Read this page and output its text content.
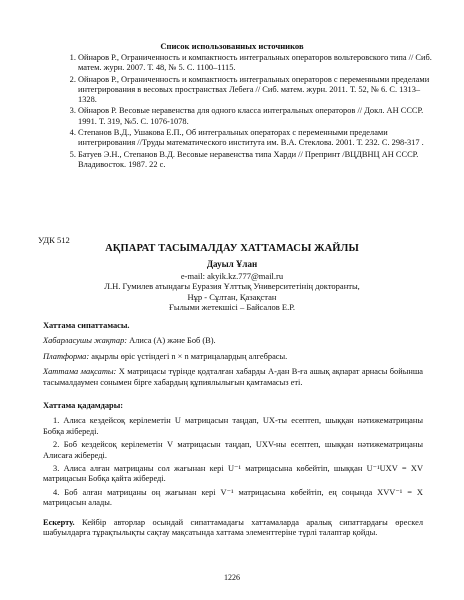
Список использованных источников
1. Ойнаров Р., Ограниченность и компактность интегральных операторов вольтеровского типа // Сиб. матем. журн. 2007. Т. 48, № 5. С. 1100–1115.
2. Ойнаров Р., Ограниченность и компактность интегральных операторов с переменными пределами интегрирования в весовых пространствах Лебега // Сиб. матем. журн. 2011. Т. 52, № 6. С. 1313–1328.
3. Ойнаров Р. Весовые неравенства для одного класса интегральных операторов // Докл. АН СССР. 1991. Т. 319, №5. С. 1076-1078.
4. Степанов В.Д., Ушакова Е.П., Об интегральных операторах с переменными пределами интегрирования //Труды математического института им. В.А. Стеклова. 2001. Т. 232. С. 298-317 .
5. Батуев Э.Н., Степанов В.Д. Весовые неравенства типа Харди // Препринт /ВЦДВНЦ АН СССР. Владивосток. 1987. 22 с.
УДК 512
АҚПАРАТ ТАСЫМАЛДАУ ХАТТАМАСЫ ЖАЙЛЫ
Дауыл Ұлан
e-mail: akyik.kz.777@mail.ru
Л.Н. Гумилев атындағы Еуразия Ұлттық Университетінің докторанты,
Нұр - Сұлтан, Қазақстан
Ғылыми жетекшісі – Байсалов Е.Р.

Хаттама сипаттамасы.

Хабарласушы жақтар: Алиса (A) және Боб (B).

Платформа: ақырлы өріс үстіндегі n × n матрицалардың алгебрасы.

Хаттама мақсаты: X матрицасы түрінде қодталған хабарды A-дан B-ға ашық ақпарат арнасы бойынша тасымалдаумен сонымен бірге хабардың құпиялылығын қамтамасыз еті.

Хаттама қадамдары:

1. Алиса кездейсоқ керілеметін U матрицасын таңдап, UX-ты есептеп, шыққан нәтижематрицаны Бобқа жібереді.

2. Боб кездейсоқ керілеметін V матрицасын таңдап, UXV-ны есептеп, шыққан нәтижематрицаны Алисаға жібереді.

3. Алиса алған матрицаны сол жағынан кері U⁻¹ матрицасына көбейтіп, шыққан U⁻¹UXV = XV матрицасын Бобқа қайта жібереді.

4. Боб алған матрицаны оң жағынан кері V⁻¹ матрицасына көбейтіп, ең соңында XVV⁻¹ = X матрицасын алады.

Ескерту. Кейбір авторлар осындай сипаттамадағы хаттамаларда аралық сипаттардағы өрескел шабуылдарға тұрақтылықты сақтау мақсатында хаттама элементтеріне түрлі талаптар қойды.
1226
